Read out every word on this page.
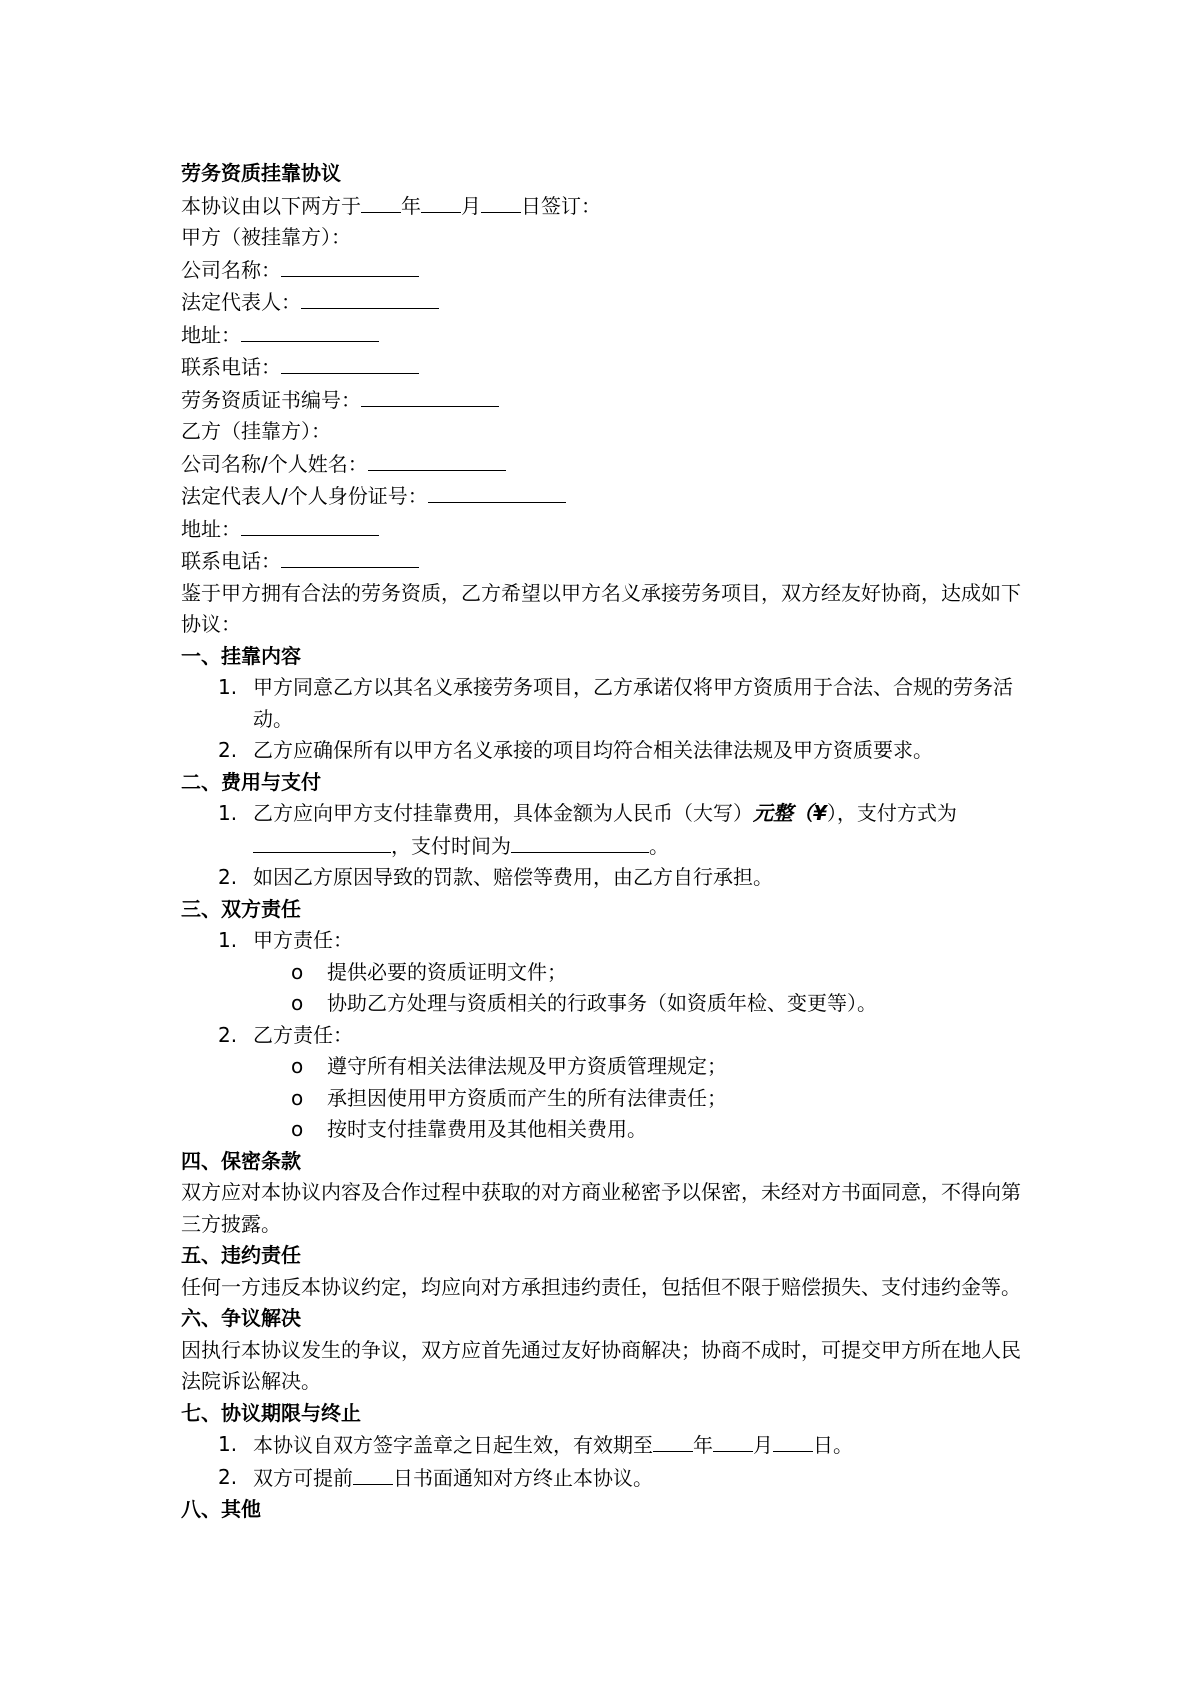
劳务资质挂靠协议
本协议由以下两方于 年 月 日签订：
甲方（被挂靠方）：
公司名称：
法定代表人：
地址：
联系电话：
劳务资质证书编号：
乙方（挂靠方）：
公司名称/个人姓名：
法定代表人/个人身份证号：
地址：
联系电话：
鉴于甲方拥有合法的劳务资质，乙方希望以甲方名义承接劳务项目，双方经友好协商，达成如下协议：
一、挂靠内容
1. 甲方同意乙方以其名义承接劳务项目，乙方承诺仅将甲方资质用于合法、合规的劳务活动。
2. 乙方应确保所有以甲方名义承接的项目均符合相关法律法规及甲方资质要求。
二、费用与支付
1. 乙方应向甲方支付挂靠费用，具体金额为人民币（大写）元整（¥），支付方式为
，支付时间为	。
2. 如因乙方原因导致的罚款、赔偿等费用，由乙方自行承担。
三、双方责任
1. 甲方责任：
o 提供必要的资质证明文件；
o 协助乙方处理与资质相关的行政事务（如资质年检、变更等）。
2. 乙方责任：
o 遵守所有相关法律法规及甲方资质管理规定；
o 承担因使用甲方资质而产生的所有法律责任；
o 按时支付挂靠费用及其他相关费用。
四、保密条款
双方应对本协议内容及合作过程中获取的对方商业秘密予以保密，未经对方书面同意，不得向第三方披露。
五、违约责任
任何一方违反本协议约定，均应向对方承担违约责任，包括但不限于赔偿损失、支付违约金等。
六、争议解决
因执行本协议发生的争议，双方应首先通过友好协商解决；协商不成时，可提交甲方所在地人民法院诉讼解决。
七、协议期限与终止
1. 本协议自双方签字盖章之日起生效，有效期至 年 月 日。
2. 双方可提前 日书面通知对方终止本协议。
八、其他
